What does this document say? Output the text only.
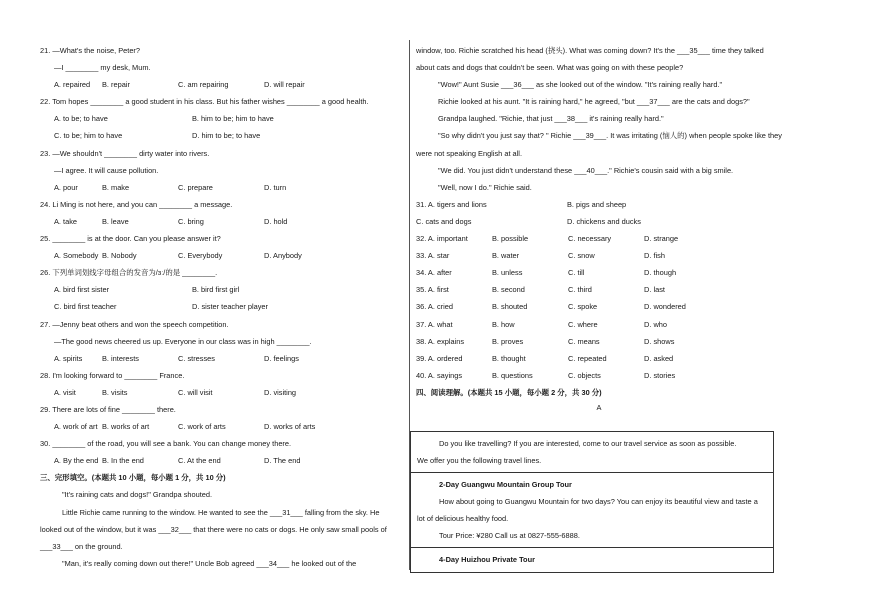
21. —What's the noise, Peter?
—I ________ my desk, Mum.
A. repaired	B. repair	C. am repairing	D. will repair
22. Tom hopes ________ a good student in his class. But his father wishes ________ a good health.
A. to be; to have	B. him to be; him to have
C. to be; him to have	D. him to be; to have
23. —We shouldn't ________ dirty water into rivers.
—I agree. It will cause pollution.
A. pour	B. make	C. prepare	D. turn
24. Li Ming is not here, and you can ________ a message.
A. take	B. leave	C. bring	D. hold
25. ________ is at the door. Can you please answer it?
A. Somebody B. Nobody	C. Everybody	D. Anybody
26. 下列单词划线字母组合的发音为/ɜː/的是 ________.
A. bird first sister	B. bird first girl
C. bird first teacher	D. sister teacher player
27. —Jenny beat others and won the speech competition.
—The good news cheered us up. Everyone in our class was in high ________.
A. spirits	B. interests	C. stresses	D. feelings
28. I'm looking forward to ________ France.
A. visit	B. visits	C. will visit	D. visiting
29. There are lots of fine ________ there.
A. work of art B. works of art	C. work of arts	D. works of arts
30. ________ of the road, you will see a bank. You can change money there.
A. By the end B. In the end	C. At the end	D. The end
三、完形填空。(本题共 10 小题，每小题 1 分，共 10 分)
"It's raining cats and dogs!" Grandpa shouted.
Little Richie came running to the window. He wanted to see the ___31___ falling from the sky. He looked out of the window, but it was ___32___ that there were no cats or dogs. He only saw small pools of ___33___ on the ground.
"Man, it's really coming down out there!" Uncle Bob agreed ___34___ he looked out of the
window, too. Richie scratched his head (挠头). What was coming down? It's the ___35___ time they talked about cats and dogs that couldn't be seen. What was going on with these people?
"Wow!" Aunt Susie ___36___ as she looked out of the window. "It's raining really hard."
Richie looked at his aunt. "It is raining hard," he agreed, "but ___37___ are the cats and dogs?"
Grandpa laughed. "Richie, that just ___38___ it's raining really hard."
"So why didn't you just say that? " Richie ___39___. It was irritating (恼人的) when people spoke like they were not speaking English at all.
"We did. You just didn't understand these ___40___." Richie's cousin said with a big smile.
"Well, now I do." Richie said.
31. A. tigers and lions	B. pigs and sheep
C. cats and dogs	D. chickens and ducks
32. A. important	B. possible	C. necessary	D. strange
33. A. star	B. water	C. snow	D. fish
34. A. after	B. unless	C. till	D. though
35. A. first	B. second	C. third	D. last
36. A. cried	B. shouted	C. spoke	D. wondered
37. A. what	B. how	C. where	D. who
38. A. explains	B. proves	C. means	D. shows
39. A. ordered	B. thought	C. repeated	D. asked
40. A. sayings	B. questions	C. objects	D. stories
四、阅读理解。(本题共 15 小题，每小题 2 分，共 30 分)
A

Do you like travelling? If you are interested, come to our travel service as soon as possible.

We offer you the following travel lines.

2-Day Guangwu Mountain Group Tour

How about going to Guangwu Mountain for two days? You can enjoy its beautiful view and taste a lot of delicious healthy food.

Tour Price: ¥280 Call us at 0827-555-6888.

4-Day Huizhou Private Tour
